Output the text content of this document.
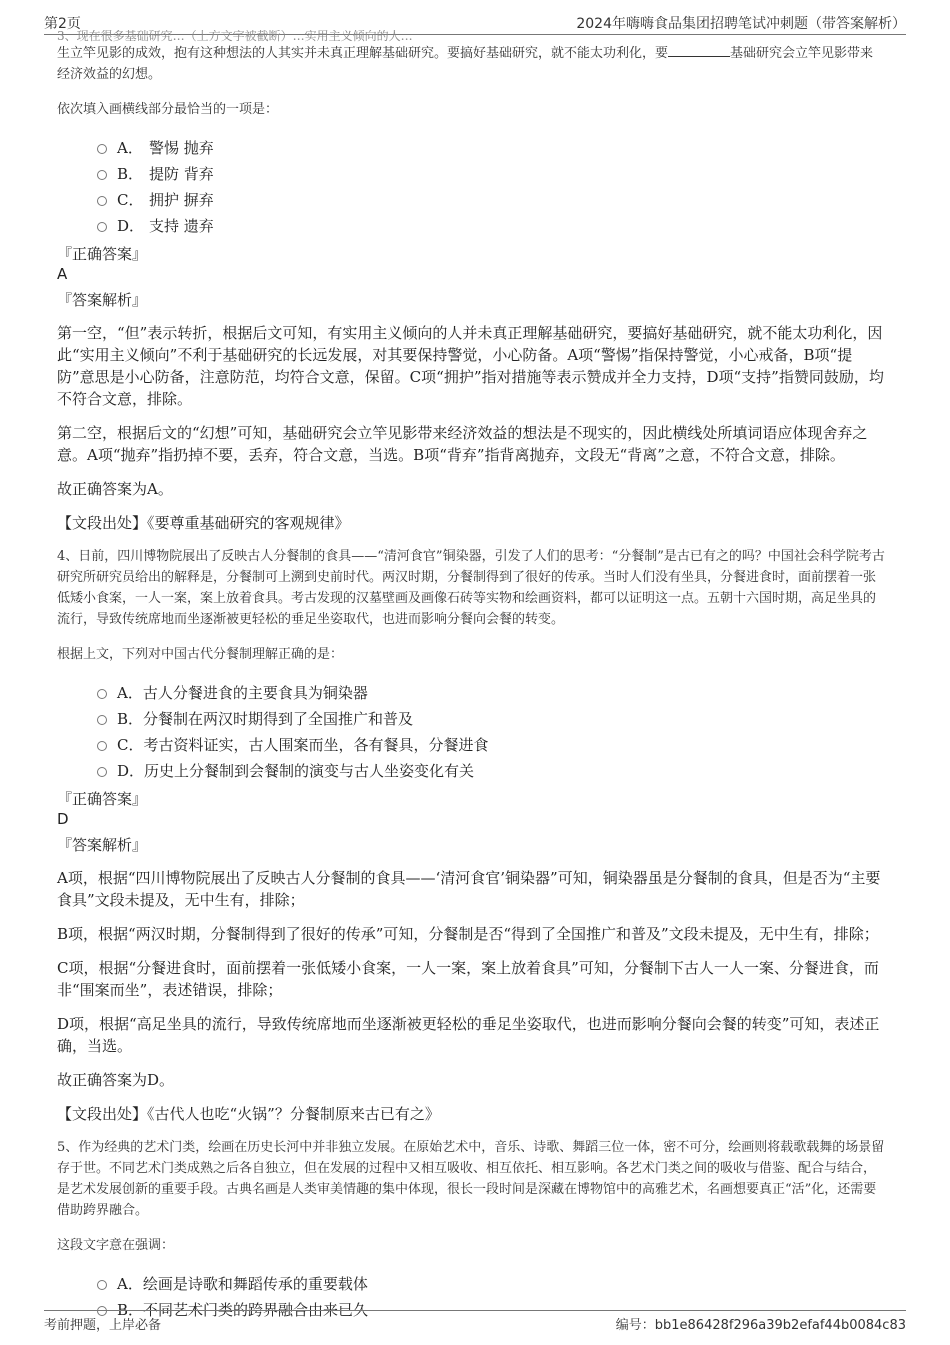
第2页	2024年嗨嗨食品集团招聘笔试冲刺题（带答案解析）

3、现在很多基础研究…（上方文字被截断）…实用主义倾向的人…

生立竿见影的成效，抱有这种想法的人其实并未真正理解基础研究。要搞好基础研究，就不能太功利化，要	基础研究会立竿见影带来经济效益的幻想。

依次填入画横线部分最恰当的一项是：

A． 警惕 抛弃
B． 提防 背弃
C． 拥护 摒弃
D． 支持 遗弃
『正确答案』
A
『答案解析』

第一空，“但”表示转折，根据后文可知，有实用主义倾向的人并未真正理解基础研究，要搞好基础研究，就不能太功利化，因此“实用主义倾向”不利于基础研究的长远发展，对其要保持警觉，小心防备。A项“警惕”指保持警觉，小心戒备，B项“提防”意思是小心防备，注意防范，均符合文意，保留。C项“拥护”指对措施等表示赞成并全力支持，D项“支持”指赞同鼓励，均不符合文意，排除。

第二空，根据后文的“幻想”可知，基础研究会立竿见影带来经济效益的想法是不现实的，因此横线处所填词语应体现舍弃之意。A项“抛弃”指扔掉不要，丢弃，符合文意，当选。B项“背弃”指背离抛弃，文段无“背离”之意，不符合文意，排除。

故正确答案为A。

【文段出处】《要尊重基础研究的客观规律》

4、日前，四川博物院展出了反映古人分餐制的食具——“清河食官”铜染器，引发了人们的思考：“分餐制”是古已有之的吗？中国社会科学院考古研究所研究员给出的解释是，分餐制可上溯到史前时代。两汉时期，分餐制得到了很好的传承。当时人们没有坐具，分餐进食时，面前摆着一张低矮小食案，一人一案，案上放着食具。考古发现的汉墓壁画及画像石砖等实物和绘画资料，都可以证明这一点。五朝十六国时期，高足坐具的流行，导致传统席地而坐逐渐被更轻松的垂足坐姿取代，也进而影响分餐向会餐的转变。

根据上文，下列对中国古代分餐制理解正确的是：

A． 古人分餐进食的主要食具为铜染器
B． 分餐制在两汉时期得到了全国推广和普及
C． 考古资料证实，古人围案而坐，各有餐具，分餐进食
D． 历史上分餐制到会餐制的演变与古人坐姿变化有关
『正确答案』
D
『答案解析』

A项，根据“四川博物院展出了反映古人分餐制的食具——‘清河食官’铜染器”可知，铜染器虽是分餐制的食具，但是否为“主要食具”文段未提及，无中生有，排除；

B项，根据“两汉时期，分餐制得到了很好的传承”可知，分餐制是否“得到了全国推广和普及”文段未提及，无中生有，排除；

C项，根据“分餐进食时，面前摆着一张低矮小食案，一人一案，案上放着食具”可知，分餐制下古人一人一案、分餐进食，而非“围案而坐”，表述错误，排除；

D项，根据“高足坐具的流行，导致传统席地而坐逐渐被更轻松的垂足坐姿取代，也进而影响分餐向会餐的转变”可知，表述正确，当选。

故正确答案为D。

【文段出处】《古代人也吃“火锅”？分餐制原来古已有之》

5、作为经典的艺术门类，绘画在历史长河中并非独立发展。在原始艺术中，音乐、诗歌、舞蹈三位一体，密不可分，绘画则将载歌载舞的场景留存于世。不同艺术门类成熟之后各自独立，但在发展的过程中又相互吸收、相互依托、相互影响。各艺术门类之间的吸收与借鉴、配合与结合，是艺术发展创新的重要手段。古典名画是人类审美情趣的集中体现，很长一段时间是深藏在博物馆中的高雅艺术，名画想要真正“活”化，还需要借助跨界融合。

这段文字意在强调：

A． 绘画是诗歌和舞蹈传承的重要载体
B． 不同艺术门类的跨界融合由来已久
考前押题，上岸必备	编号：bb1e86428f296a39b2efaf44b0084c83
